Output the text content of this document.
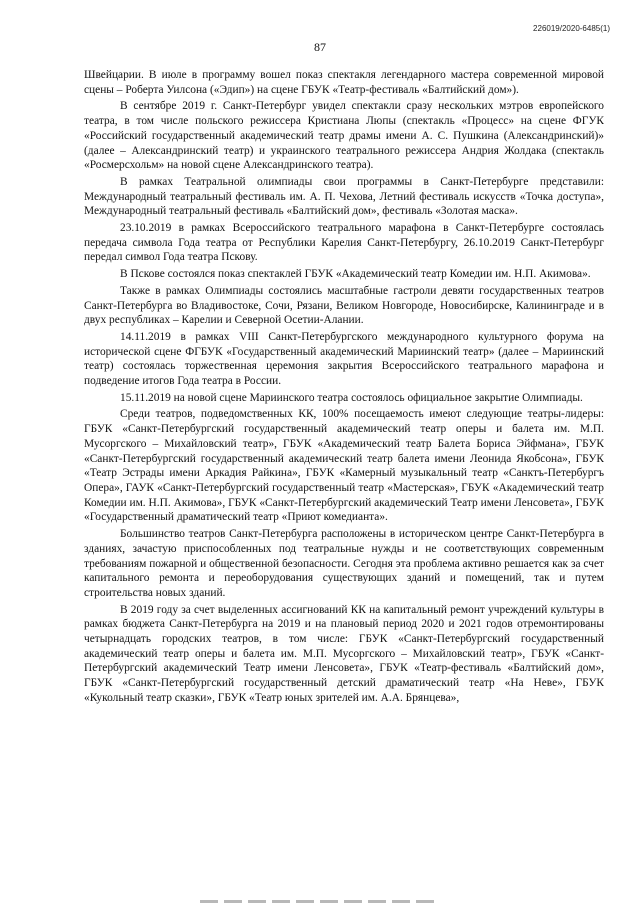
226019/2020-6485(1)
87

Швейцарии. В июле в программу вошел показ спектакля легендарного мастера современной мировой сцены – Роберта Уилсона («Эдип») на сцене ГБУК «Театр-фестиваль «Балтийский дом»).

В сентябре 2019 г. Санкт-Петербург увидел спектакли сразу нескольких мэтров европейского театра, в том числе польского режиссера Кристиана Люпы (спектакль «Процесс» на сцене ФГУК «Российский государственный академический театр драмы имени А. С. Пушкина (Александринский)» (далее – Александринский театр) и украинского театрального режиссера Андрия Жолдака (спектакль «Росмерсхольм» на новой сцене Александринского театра).

В рамках Театральной олимпиады свои программы в Санкт-Петербурге представили: Международный театральный фестиваль им. А. П. Чехова, Летний фестиваль искусств «Точка доступа», Международный театральный фестиваль «Балтийский дом», фестиваль «Золотая маска».

23.10.2019 в рамках Всероссийского театрального марафона в Санкт-Петербурге состоялась передача символа Года театра от Республики Карелия Санкт-Петербургу, 26.10.2019 Санкт-Петербург передал символ Года театра Пскову.

В Пскове состоялся показ спектаклей ГБУК «Академический театр Комедии им. Н.П. Акимова».

Также в рамках Олимпиады состоялись масштабные гастроли девяти государственных театров Санкт-Петербурга во Владивостоке, Сочи, Рязани, Великом Новгороде, Новосибирске, Калининграде и в двух республиках – Карелии и Северной Осетии-Алании.

14.11.2019 в рамках VIII Санкт-Петербургского международного культурного форума на исторической сцене ФГБУК «Государственный академический Мариинский театр» (далее – Мариинский театр) состоялась торжественная церемония закрытия Всероссийского театрального марафона и подведение итогов Года театра в России.

15.11.2019 на новой сцене Мариинского театра состоялось официальное закрытие Олимпиады.

Среди театров, подведомственных КК, 100% посещаемость имеют следующие театры-лидеры: ГБУК «Санкт-Петербургский государственный академический театр оперы и балета им. М.П. Мусоргского – Михайловский театр», ГБУК «Академический театр Балета Бориса Эйфмана», ГБУК «Санкт-Петербургский государственный академический театр балета имени Леонида Якобсона», ГБУК «Театр Эстрады имени Аркадия Райкина», ГБУК «Камерный музыкальный театр «Санктъ-Петербургъ Опера», ГАУК «Санкт-Петербургский государственный театр «Мастерская», ГБУК «Академический театр Комедии им. Н.П. Акимова», ГБУК «Санкт-Петербургский академический Театр имени Ленсовета», ГБУК «Государственный драматический театр «Приют комедианта».

Большинство театров Санкт-Петербурга расположены в историческом центре Санкт-Петербурга в зданиях, зачастую приспособленных под театральные нужды и не соответствующих современным требованиям пожарной и общественной безопасности. Сегодня эта проблема активно решается как за счет капитального ремонта и переоборудования существующих зданий и помещений, так и путем строительства новых зданий.

В 2019 году за счет выделенных ассигнований КК на капитальный ремонт учреждений культуры в рамках бюджета Санкт-Петербурга на 2019 и на плановый период 2020 и 2021 годов отремонтированы четырнадцать городских театров, в том числе: ГБУК «Санкт-Петербургский государственный академический театр оперы и балета им. М.П. Мусоргского – Михайловский театр», ГБУК «Санкт-Петербургский академический Театр имени Ленсовета», ГБУК «Театр-фестиваль «Балтийский дом», ГБУК «Санкт-Петербургский государственный детский драматический театр «На Неве», ГБУК «Кукольный театр сказки», ГБУК «Театр юных зрителей им. А.А. Брянцева»,
